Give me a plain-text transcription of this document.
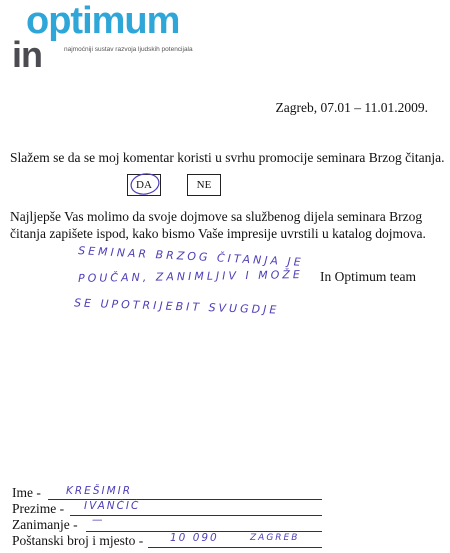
optimum
in	najmoćniji sustav razvoja ljudskih potencijala
Zagreb, 07.01 – 11.01.2009.
Slažem se da se moj komentar koristi u svrhu promocije seminara Brzog čitanja.
DA	NE
Najljepše Vas molimo da svoje dojmove sa službenog dijela seminara Brzog čitanja zapišete ispod, kako bismo Vaše impresije uvrstili u katalog dojmova.
SEMINAR BRZOG ČITANJA JE
POUČAN, ZANIMLJIV I MOŽE In Optimum team
SE UPOTRIJEBIT SVUGDJE
Ime - KREŠIMIR
Prezime - IVANČIĆ
Zanimanje - —
Poštanski broj i mjesto -	10 090	ZAGREB
